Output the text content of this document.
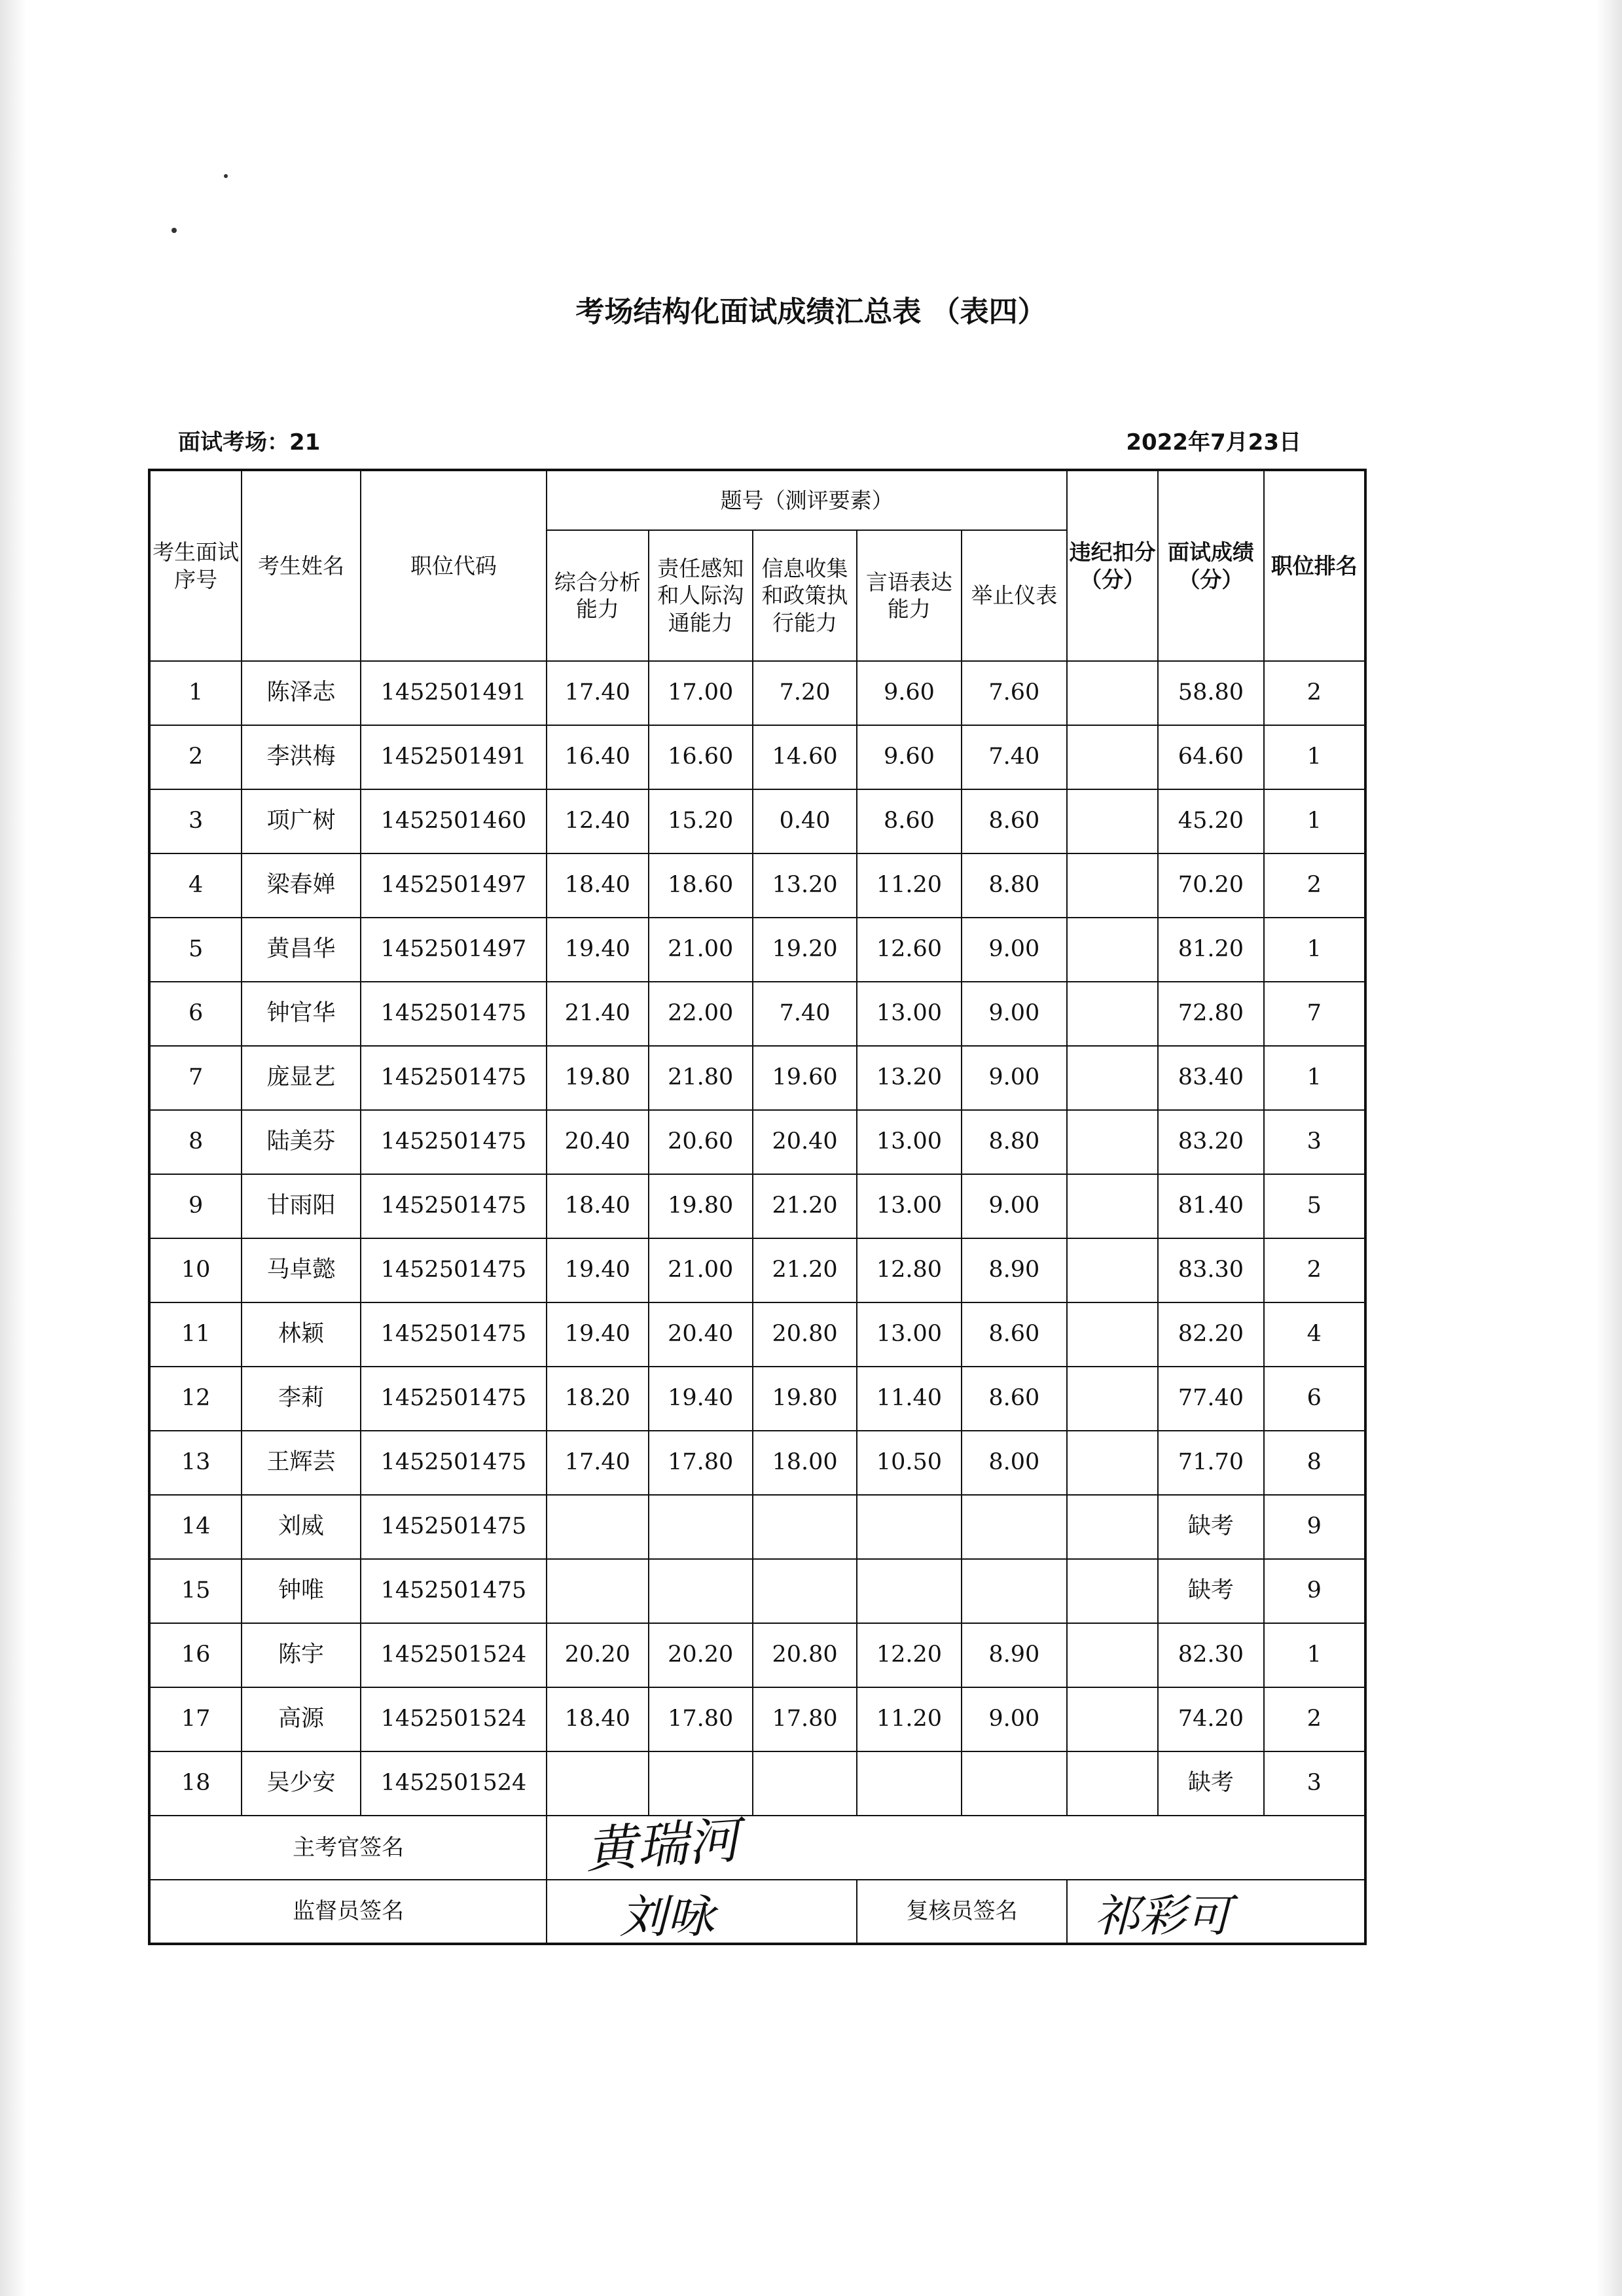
考场结构化面试成绩汇总表 （表四）
面试考场：21	2022年7月23日
考生面试序号	考生姓名	职位代码	题号（测评要素）					违纪扣分（分）	面试成绩（分）	职位排名
			综合分析能力	责任感知和人际沟通能力	信息收集和政策执行能力	言语表达能力	举止仪表			
1	陈泽志	1452501491	17.40	17.00	7.20	9.60	7.60		58.80	2
2	李洪梅	1452501491	16.40	16.60	14.60	9.60	7.40		64.60	1
3	项广树	1452501460	12.40	15.20	0.40	8.60	8.60		45.20	1
4	梁春婵	1452501497	18.40	18.60	13.20	11.20	8.80		70.20	2
5	黄昌华	1452501497	19.40	21.00	19.20	12.60	9.00		81.20	1
6	钟官华	1452501475	21.40	22.00	7.40	13.00	9.00		72.80	7
7	庞显艺	1452501475	19.80	21.80	19.60	13.20	9.00		83.40	1
8	陆美芬	1452501475	20.40	20.60	20.40	13.00	8.80		83.20	3
9	甘雨阳	1452501475	18.40	19.80	21.20	13.00	9.00		81.40	5
10	马卓懿	1452501475	19.40	21.00	21.20	12.80	8.90		83.30	2
11	林颖	1452501475	19.40	20.40	20.80	13.00	8.60		82.20	4
12	李莉	1452501475	18.20	19.40	19.80	11.40	8.60		77.40	6
13	王辉芸	1452501475	17.40	17.80	18.00	10.50	8.00		71.70	8
14	刘威	1452501475							缺考	9
15	钟唯	1452501475							缺考	9
16	陈宇	1452501524	20.20	20.20	20.80	12.20	8.90		82.30	1
17	高源	1452501524	18.40	17.80	17.80	11.20	9.00		74.20	2
18	吴少安	1452501524							缺考	3
主考官签名			黄瑞河							

监督员签名			刘咏			复核员签名		祁彩可		
